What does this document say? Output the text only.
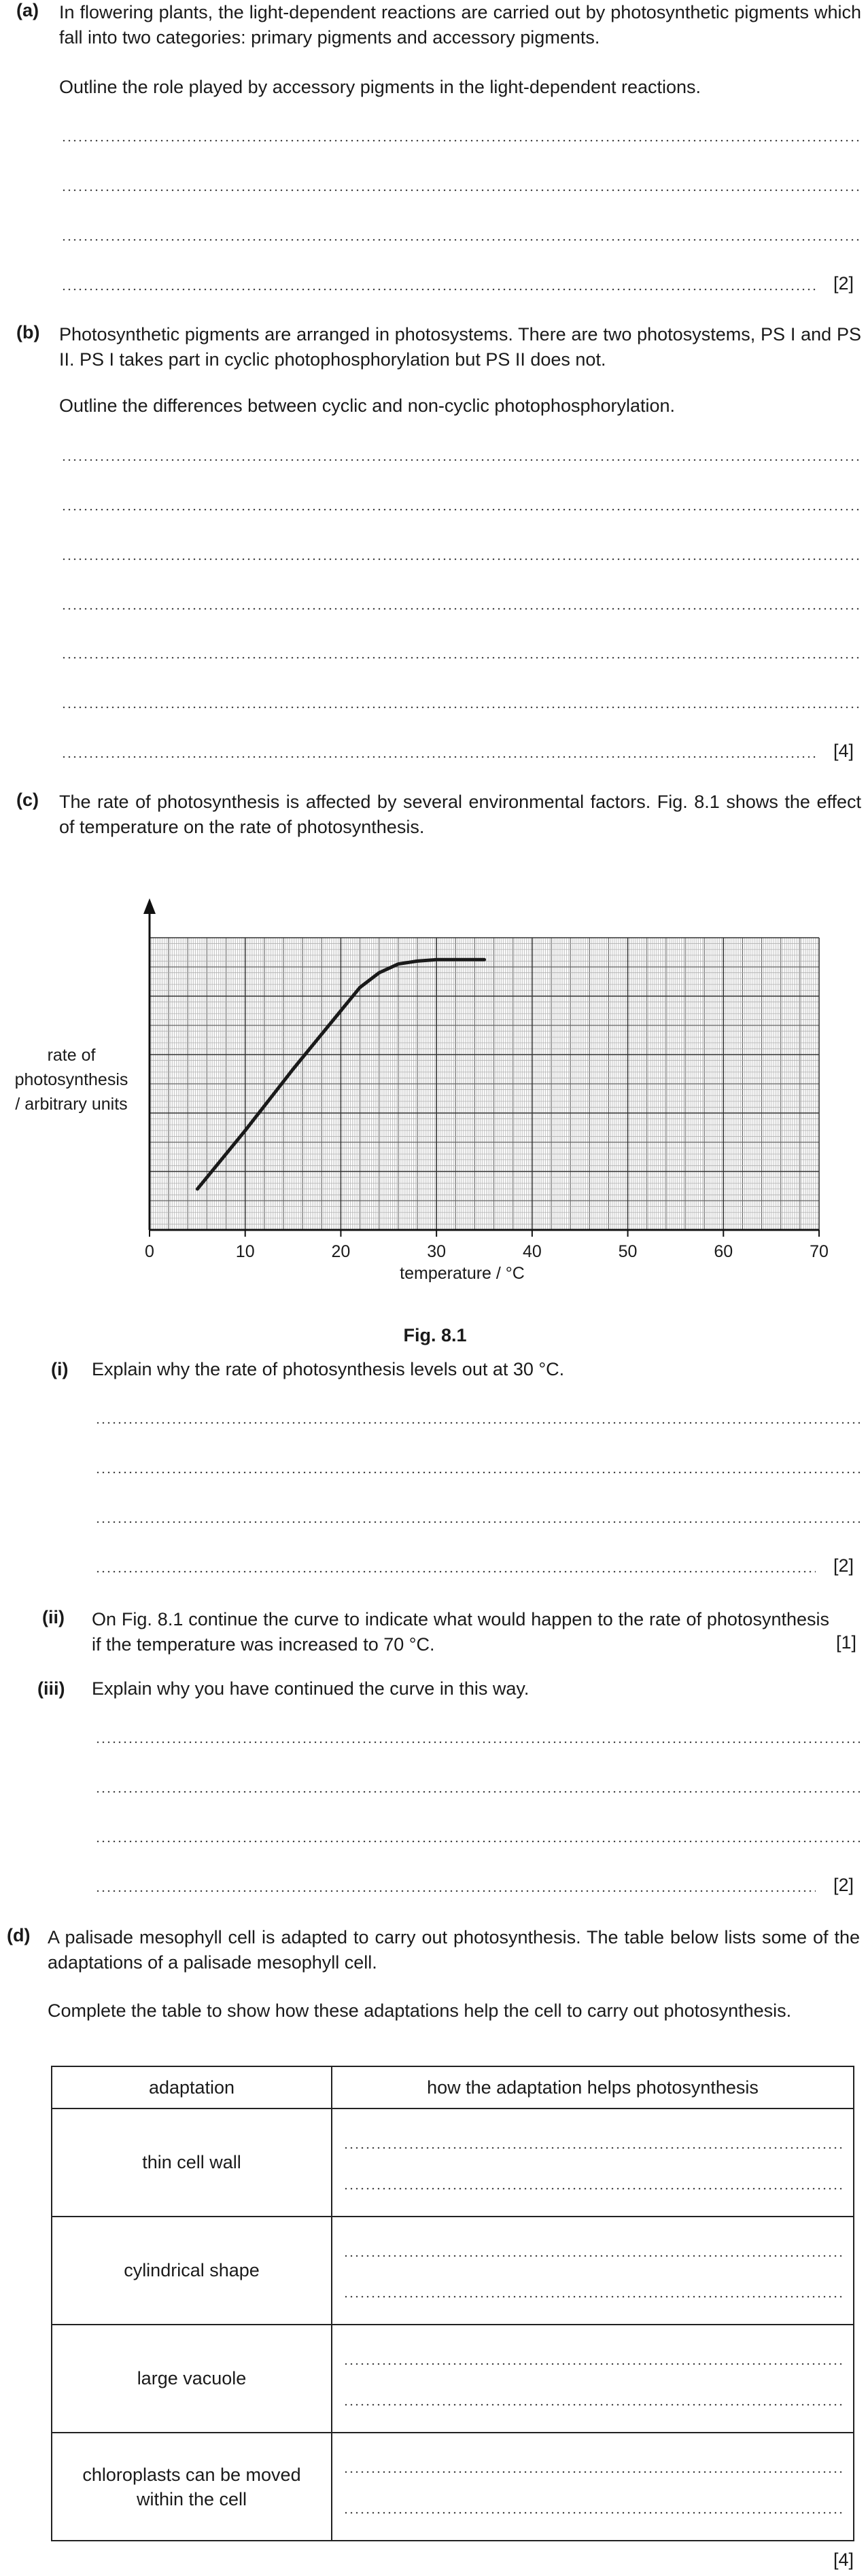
(a) In flowering plants, the light-dependent reactions are carried out by photosynthetic pigments which fall into two categories: primary pigments and accessory pigments.
Outline the role played by accessory pigments in the light-dependent reactions.
[2]
(b) Photosynthetic pigments are arranged in photosystems. There are two photosystems, PS I and PS II. PS I takes part in cyclic photophosphorylation but PS II does not.
Outline the differences between cyclic and non-cyclic photophosphorylation.
[4]
(c) The rate of photosynthesis is affected by several environmental factors. Fig. 8.1 shows the effect of temperature on the rate of photosynthesis.
0	10	20	30	40	50	60	70
rate of
photosynthesis
/ arbitrary units
temperature / °C
Fig. 8.1
(i) Explain why the rate of photosynthesis levels out at 30 °C.
[2]
(ii) On Fig. 8.1 continue the curve to indicate what would happen to the rate of photosynthesis if the temperature was increased to 70 °C.	[1]
(iii) Explain why you have continued the curve in this way.
[2]
(d) A palisade mesophyll cell is adapted to carry out photosynthesis. The table below lists some of the adaptations of a palisade mesophyll cell.
Complete the table to show how these adaptations help the cell to carry out photosynthesis.
adaptation	how the adaptation helps photosynthesis
thin cell wall	

cylindrical shape	

large vacuole	

chloroplasts can be moved within the cell	
[4]
